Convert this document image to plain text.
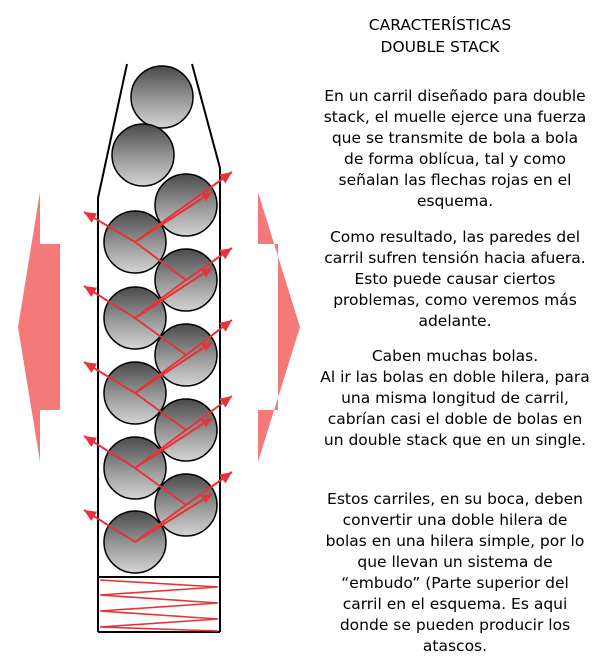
CARACTERÍSTICAS
DOUBLE STACK
En un carril diseñado para double stack, el muelle ejerce una fuerza que se transmite de bola a bola de forma oblícua, tal y como señalan las flechas rojas en el esquema.
Como resultado, las paredes del carril sufren tensión hacia afuera. Esto puede causar ciertos problemas, como veremos más adelante.
Caben muchas bolas.
Al ir las bolas en doble hilera, para una misma longitud de carril, cabrían casi el doble de bolas en un double stack que en un single.
Estos carriles, en su boca, deben convertir una doble hilera de bolas en una hilera simple, por lo que llevan un sistema de “embudo” (Parte superior del carril en el esquema. Es aqui donde se pueden producir los atascos.
